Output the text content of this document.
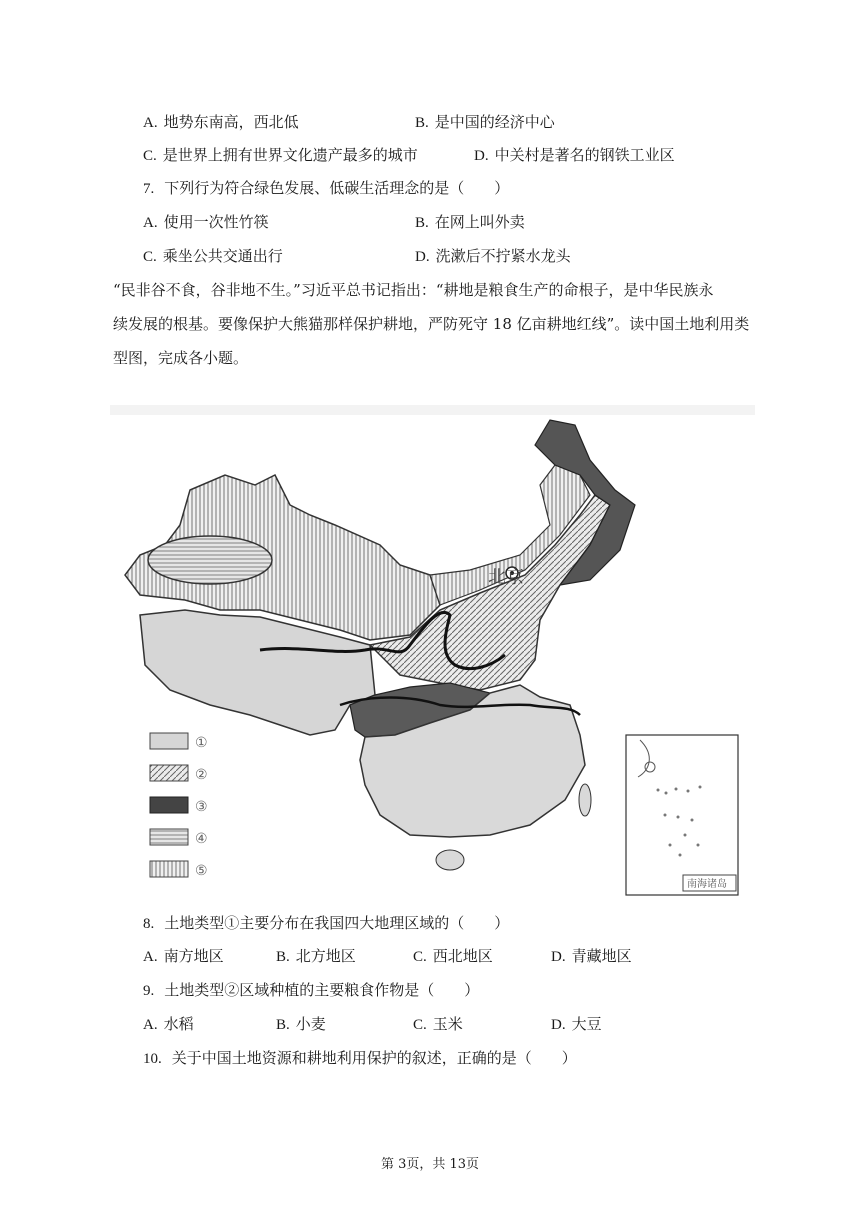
A. 地势东南高，西北低	B. 是中国的经济中心
C. 是世界上拥有世界文化遗产最多的城市	D. 中关村是著名的钢铁工业区
7. 下列行为符合绿色发展、低碳生活理念的是（　　）
A. 使用一次性竹筷	B. 在网上叫外卖
C. 乘坐公共交通出行	D. 洗漱后不拧紧水龙头
“民非谷不食，谷非地不生。”习近平总书记指出：“耕地是粮食生产的命根子，是中华民族永
续发展的根基。要像保护大熊猫那样保护耕地，严防死守 18 亿亩耕地红线”。读中国土地利用类
型图，完成各小题。
北京
①
②
③
④
⑤
南海诸岛
8. 土地类型①主要分布在我国四大地理区域的（　　）
A. 南方地区	B. 北方地区	C. 西北地区	D. 青藏地区
9. 土地类型②区域种植的主要粮食作物是（　　）
A. 水稻	B. 小麦	C. 玉米	D. 大豆
10. 关于中国土地资源和耕地利用保护的叙述，正确的是（　　）
第 3页，共 13页
